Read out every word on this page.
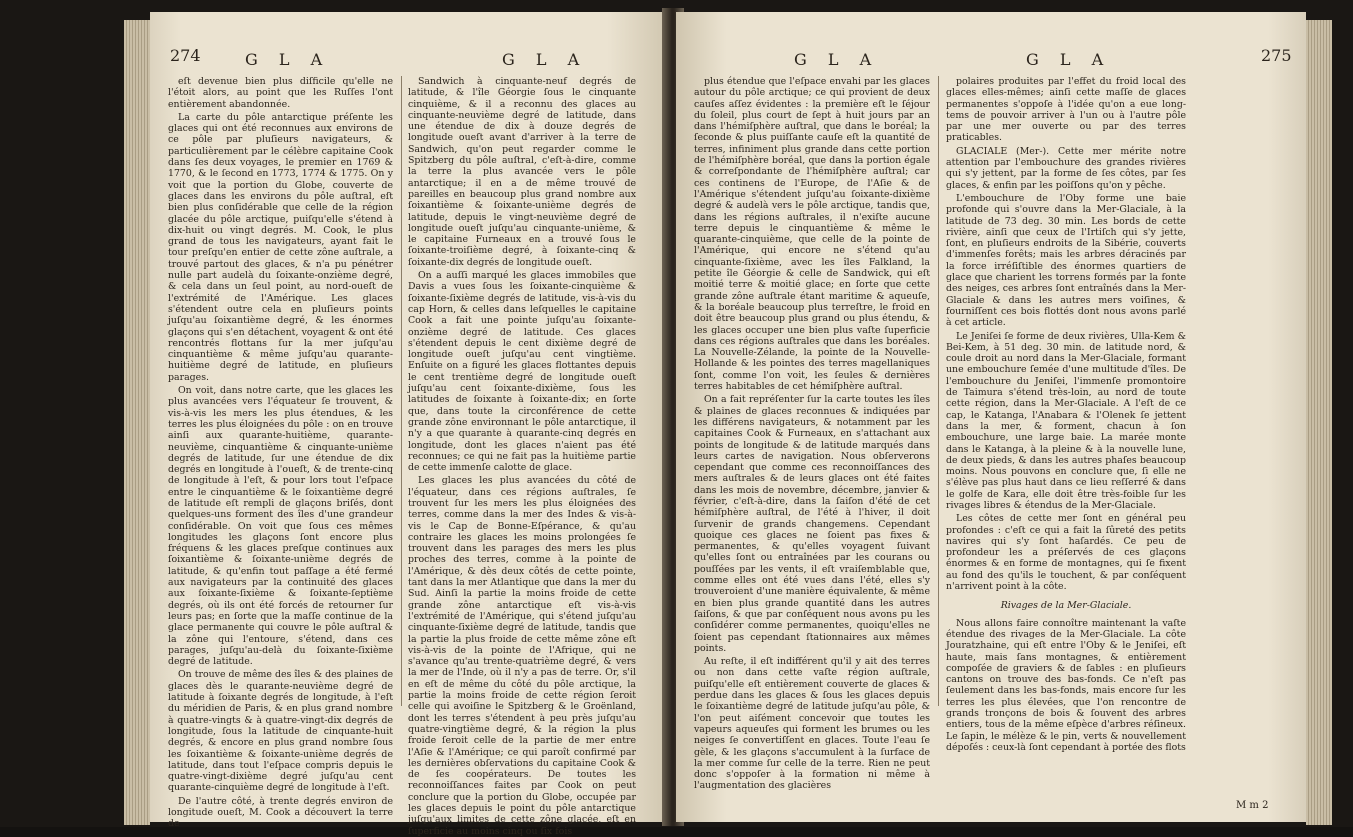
274	G L A	G L A

eſt devenue bien plus diſficile qu'elle ne l'étoit alors, au point que les Ruſſes l'ont entièrement abandonnée.

La carte du pôle antarctique préſente les glaces qui ont été reconnues aux environs de ce pôle par pluſieurs navigateurs, & particulièrement par le célèbre capitaine Cook dans ſes deux voyages, le premier en 1769 & 1770, & le ſecond en 1773, 1774 & 1775. On y voit que la portion du Globe, couverte de glaces dans les environs du pôle auſtral, eſt bien plus conſidérable que celle de la région glacée du pôle arctique, puiſqu'elle s'étend à dix-huit ou vingt degrés. M. Cook, le plus grand de tous les navigateurs, ayant fait le tour preſqu'en entier de cette zône auſtrale, a trouvé partout des glaces, & n'a pu pénétrer nulle part audelà du ſoixante-onzième degré, & cela dans un ſeul point, au nord-oueſt de l'extrémité de l'Amérique. Les glaces s'étendent outre cela en pluſieurs points juſqu'au ſoixantième degré, & les énormes glaçons qui s'en détachent, voyagent & ont été rencontrés flottans ſur la mer juſqu'au cinquantième & même juſqu'au quarante-huitième degré de latitude, en pluſieurs parages.

On voit, dans notre carte, que les glaces les plus avancées vers l'équateur ſe trouvent, & vis-à-vis les mers les plus étendues, & les terres les plus éloignées du pôle : on en trouve ainſi aux quarante-huitième, quarante-neuvième, cinquantième & cinquante-unième degrés de latitude, ſur une étendue de dix degrés en longitude à l'oueſt, & de trente-cinq de longitude à l'eſt, & pour lors tout l'eſpace entre le cinquantième & le ſoixantième degré de latitude eſt rempli de glaçons briſés, dont quelques-uns forment des îles d'une grandeur conſidérable. On voit que ſous ces mêmes longitudes les glaçons ſont encore plus fréquens & les glaces preſque continues aux ſoixantième & ſoixante-unième degrés de latitude, & qu'enfin tout paſſage a été fermé aux navigateurs par la continuité des glaces aux ſoixante-ſixième & ſoixante-ſeptième degrés, où ils ont été forcés de retourner ſur leurs pas; en ſorte que la maſſe continue de la glace permanente qui couvre le pôle auſtral & la zône qui l'entoure, s'étend, dans ces parages, juſqu'au-delà du ſoixante-ſixième degré de latitude.

On trouve de même des îles & des plaines de glaces dès le quarante-neuvième degré de latitude à ſoixante degrés de longitude, à l'eſt du méridien de Paris, & en plus grand nombre à quatre-vingts & à quatre-vingt-dix degrés de longitude, ſous la latitude de cinquante-huit degrés, & encore en plus grand nombre ſous les ſoixantième & ſoixante-unième degrés de latitude, dans tout l'eſpace compris depuis le quatre-vingt-dixième degré juſqu'au cent quarante-cinquième degré de longitude à l'eſt.

De l'autre côté, à trente degrés environ de longitude oueſt, M. Cook a découvert la terre de

Sandwich à cinquante-neuf degrés de latitude, & l'île Géorgie ſous le cinquante cinquième, & il a reconnu des glaces au cinquante-neuvième degré de latitude, dans une étendue de dix à douze degrés de longitude oueſt avant d'arriver à la terre de Sandwich, qu'on peut regarder comme le Spitzberg du pôle auſtral, c'eſt-à-dire, comme la terre la plus avancée vers le pôle antarctique; il en a de même trouvé de pareilles en beaucoup plus grand nombre aux ſoixantième & ſoixante-unième degrés de latitude, depuis le vingt-neuvième degré de longitude oueſt juſqu'au cinquante-unième, & le capitaine Furneaux en a trouvé ſous le ſoixante-troiſième degré, à ſoixante-cinq & ſoixante-dix degrés de longitude oueſt.

On a auſſi marqué les glaces immobiles que Davis a vues ſous les ſoixante-cinquième & ſoixante-ſixième degrés de latitude, vis-à-vis du cap Horn, & celles dans leſquelles le capitaine Cook a fait une pointe juſqu'au ſoixante-onzième degré de latitude. Ces glaces s'étendent depuis le cent dixième degré de longitude oueſt juſqu'au cent vingtième. Enſuite on a figuré les glaces flottantes depuis le cent trentième degré de longitude oueſt juſqu'au cent ſoixante-dixième, ſous les latitudes de ſoixante à ſoixante-dix; en ſorte que, dans toute la circonférence de cette grande zône environnant le pôle antarctique, il n'y a que quarante à quarante-cinq degrés en longitude, dont les glaces n'aient pas été reconnues; ce qui ne fait pas la huitième partie de cette immenſe calotte de glace.

Les glaces les plus avancées du côté de l'équateur, dans ces régions auſtrales, ſe trouvent ſur les mers les plus éloignées des terres, comme dans la mer des Indes & vis-à-vis le Cap de Bonne-Eſpérance, & qu'au contraire les glaces les moins prolongées ſe trouvent dans les parages des mers les plus proches des terres, comme à la pointe de l'Amérique, & dès deux côtés de cette pointe, tant dans la mer Atlantique que dans la mer du Sud. Ainſi la partie la moins froide de cette grande zône antarctique eſt vis-à-vis l'extrémité de l'Amérique, qui s'étend juſqu'au cinquante-ſixième degré de latitude, tandis que la partie la plus froide de cette même zône eſt vis-à-vis de la pointe de l'Afrique, qui ne s'avance qu'au trente-quatrième degré, & vers la mer de l'Inde, où il n'y a pas de terre. Or, s'il en eſt de même du côté du pôle arctique, la partie la moins froide de cette région ſeroit celle qui avoiſine le Spitzberg & le Groënland, dont les terres s'étendent à peu près juſqu'au quatre-vingtième degré, & la région la plus froide ſeroit celle de la partie de mer entre l'Aſie & l'Amérique; ce qui paroît confirmé par les dernières obſervations du capitaine Cook & de ſes coopérateurs. De toutes les reconnoiſſances faites par Cook on peut conclure que la portion du Globe, occupée par les glaces depuis le point du pôle antarctique juſqu'aux limites de cette zône glacée, eſt en ſuperficie au moins cinq ou ſix fois

G L A	G L A	275

plus étendue que l'eſpace envahi par les glaces autour du pôle arctique; ce qui provient de deux cauſes aſſez évidentes : la première eſt le ſéjour du ſoleil, plus court de ſept à huit jours par an dans l'hémiſphère auſtral, que dans le boréal; la ſeconde & plus puiſſante cauſe eſt la quantité de terres, infiniment plus grande dans cette portion de l'hémiſphère boréal, que dans la portion égale & correſpondante de l'hémiſphère auſtral; car ces continens de l'Europe, de l'Aſie & de l'Amérique s'étendent juſqu'au ſoixante-dixième degré & audelà vers le pôle arctique, tandis que, dans les régions auſtrales, il n'exiſte aucune terre depuis le cinquantième & même le quarante-cinquième, que celle de la pointe de l'Amérique, qui encore ne s'étend qu'au cinquante-ſixième, avec les îles Falkland, la petite île Géorgie & celle de Sandwick, qui eſt moitié terre & moitié glace; en ſorte que cette grande zône auſtrale étant maritime & aqueuſe, & la boréale beaucoup plus terreſtre, le froid en doit être beaucoup plus grand ou plus étendu, & les glaces occuper une bien plus vaſte ſuperficie dans ces régions auſtrales que dans les boréales. La Nouvelle-Zélande, la pointe de la Nouvelle-Hollande & les pointes des terres magellaniques ſont, comme l'on voit, les ſeules & dernières terres habitables de cet hémiſphère auſtral.

On a fait repréſenter ſur la carte toutes les îles & plaines de glaces reconnues & indiquées par les différens navigateurs, & notamment par les capitaines Cook & Furneaux, en s'attachant aux points de longitude & de latitude marqués dans leurs cartes de navigation. Nous obſerverons cependant que comme ces reconnoiſſances des mers auſtrales & de leurs glaces ont été faites dans les mois de novembre, décembre, janvier & février, c'eſt-à-dire, dans la ſaiſon d'été de cet hémiſphère auſtral, de l'été à l'hiver, il doit ſurvenir de grands changemens. Cependant quoique ces glaces ne ſoient pas fixes & permanentes, & qu'elles voyagent ſuivant qu'elles ſont ou entraînées par les courans ou pouſſées par les vents, il eſt vraiſemblable que, comme elles ont été vues dans l'été, elles s'y trouveroient d'une manière équivalente, & même en bien plus grande quantité dans les autres ſaiſons, & que par conſéquent nous avons pu les conſidérer comme permanentes, quoiqu'elles ne ſoient pas cependant ſtationnaires aux mêmes points.

Au reſte, il eſt indifférent qu'il y ait des terres ou non dans cette vaſte région auſtrale, puiſqu'elle eſt entièrement couverte de glaces & perdue dans les glaces & ſous les glaces depuis le ſoixantième degré de latitude juſqu'au pôle, & l'on peut aiſément concevoir que toutes les vapeurs aqueuſes qui forment les brumes ou les neiges ſe convertiſſent en glaces. Toute l'eau ſe gèle, & les glaçons s'accumulent à la ſurface de la mer comme ſur celle de la terre. Rien ne peut donc s'oppoſer à la formation ni même à l'augmentation des glacières

polaires produites par l'effet du froid local des glaces elles-mêmes; ainſi cette maſſe de glaces permanentes s'oppoſe à l'idée qu'on a eue long-tems de pouvoir arriver à l'un ou à l'autre pôle par une mer ouverte ou par des terres praticables.

GLACIALE (Mer-). Cette mer mérite notre attention par l'embouchure des grandes rivières qui s'y jettent, par la forme de ſes côtes, par ſes glaces, & enfin par les poiſſons qu'on y pêche.

L'embouchure de l'Oby forme une baie profonde qui s'ouvre dans la Mer-Glaciale, à la latitude de 73 deg. 30 min. Les bords de cette rivière, ainſi que ceux de l'Irtiſch qui s'y jette, ſont, en pluſieurs endroits de la Sibérie, couverts d'immenſes forêts; mais les arbres déracinés par la force irréſiſtible des énormes quartiers de glace que charient les torrens formés par la fonte des neiges, ces arbres ſont entraînés dans la Mer-Glaciale & dans les autres mers voiſines, & fourniſſent ces bois flottés dont nous avons parlé à cet article.

Le Jeniſei ſe forme de deux rivières, Ulla-Kem & Bei-Kem, à 51 deg. 30 min. de latitude nord, & coule droit au nord dans la Mer-Glaciale, formant une embouchure ſemée d'une multitude d'îles. De l'embouchure du Jeniſei, l'immenſe promontoire de Taimura s'étend très-loin, au nord de toute cette région, dans la Mer-Glaciale. A l'eſt de ce cap, le Katanga, l'Anabara & l'Olenek ſe jettent dans la mer, & forment, chacun à ſon embouchure, une large baie. La marée monte dans le Katanga, à la pleine & à la nouvelle lune, de deux pieds, & dans les autres phaſes beaucoup moins. Nous pouvons en conclure que, ſi elle ne s'élève pas plus haut dans ce lieu reſſerré & dans le golfe de Kara, elle doit être très-foible ſur les rivages libres & étendus de la Mer-Glaciale.

Les côtes de cette mer ſont en général peu profondes : c'eſt ce qui a fait la ſûreté des petits navires qui s'y ſont haſardés. Ce peu de profondeur les a préſervés de ces glaçons énormes & en forme de montagnes, qui ſe fixent au fond des qu'ils le touchent, & par conſéquent n'arrivent point à la côte.

Rivages de la Mer-Glaciale.

Nous allons faire connoître maintenant la vaſte étendue des rivages de la Mer-Glaciale. La côte Jouratzhaine, qui eſt entre l'Oby & le Jeniſei, eſt haute, mais ſans montagnes, & entièrement compoſée de graviers & de ſables : en pluſieurs cantons on trouve des bas-fonds. Ce n'eſt pas ſeulement dans les bas-fonds, mais encore ſur les terres les plus élevées, que l'on rencontre de grands tronçons de bois & ſouvent des arbres entiers, tous de la même eſpèce d'arbres réſineux. Le ſapin, le mélèze & le pin, verts & nouvellement dépoſés : ceux-là ſont cependant à portée des flots

M m 2
